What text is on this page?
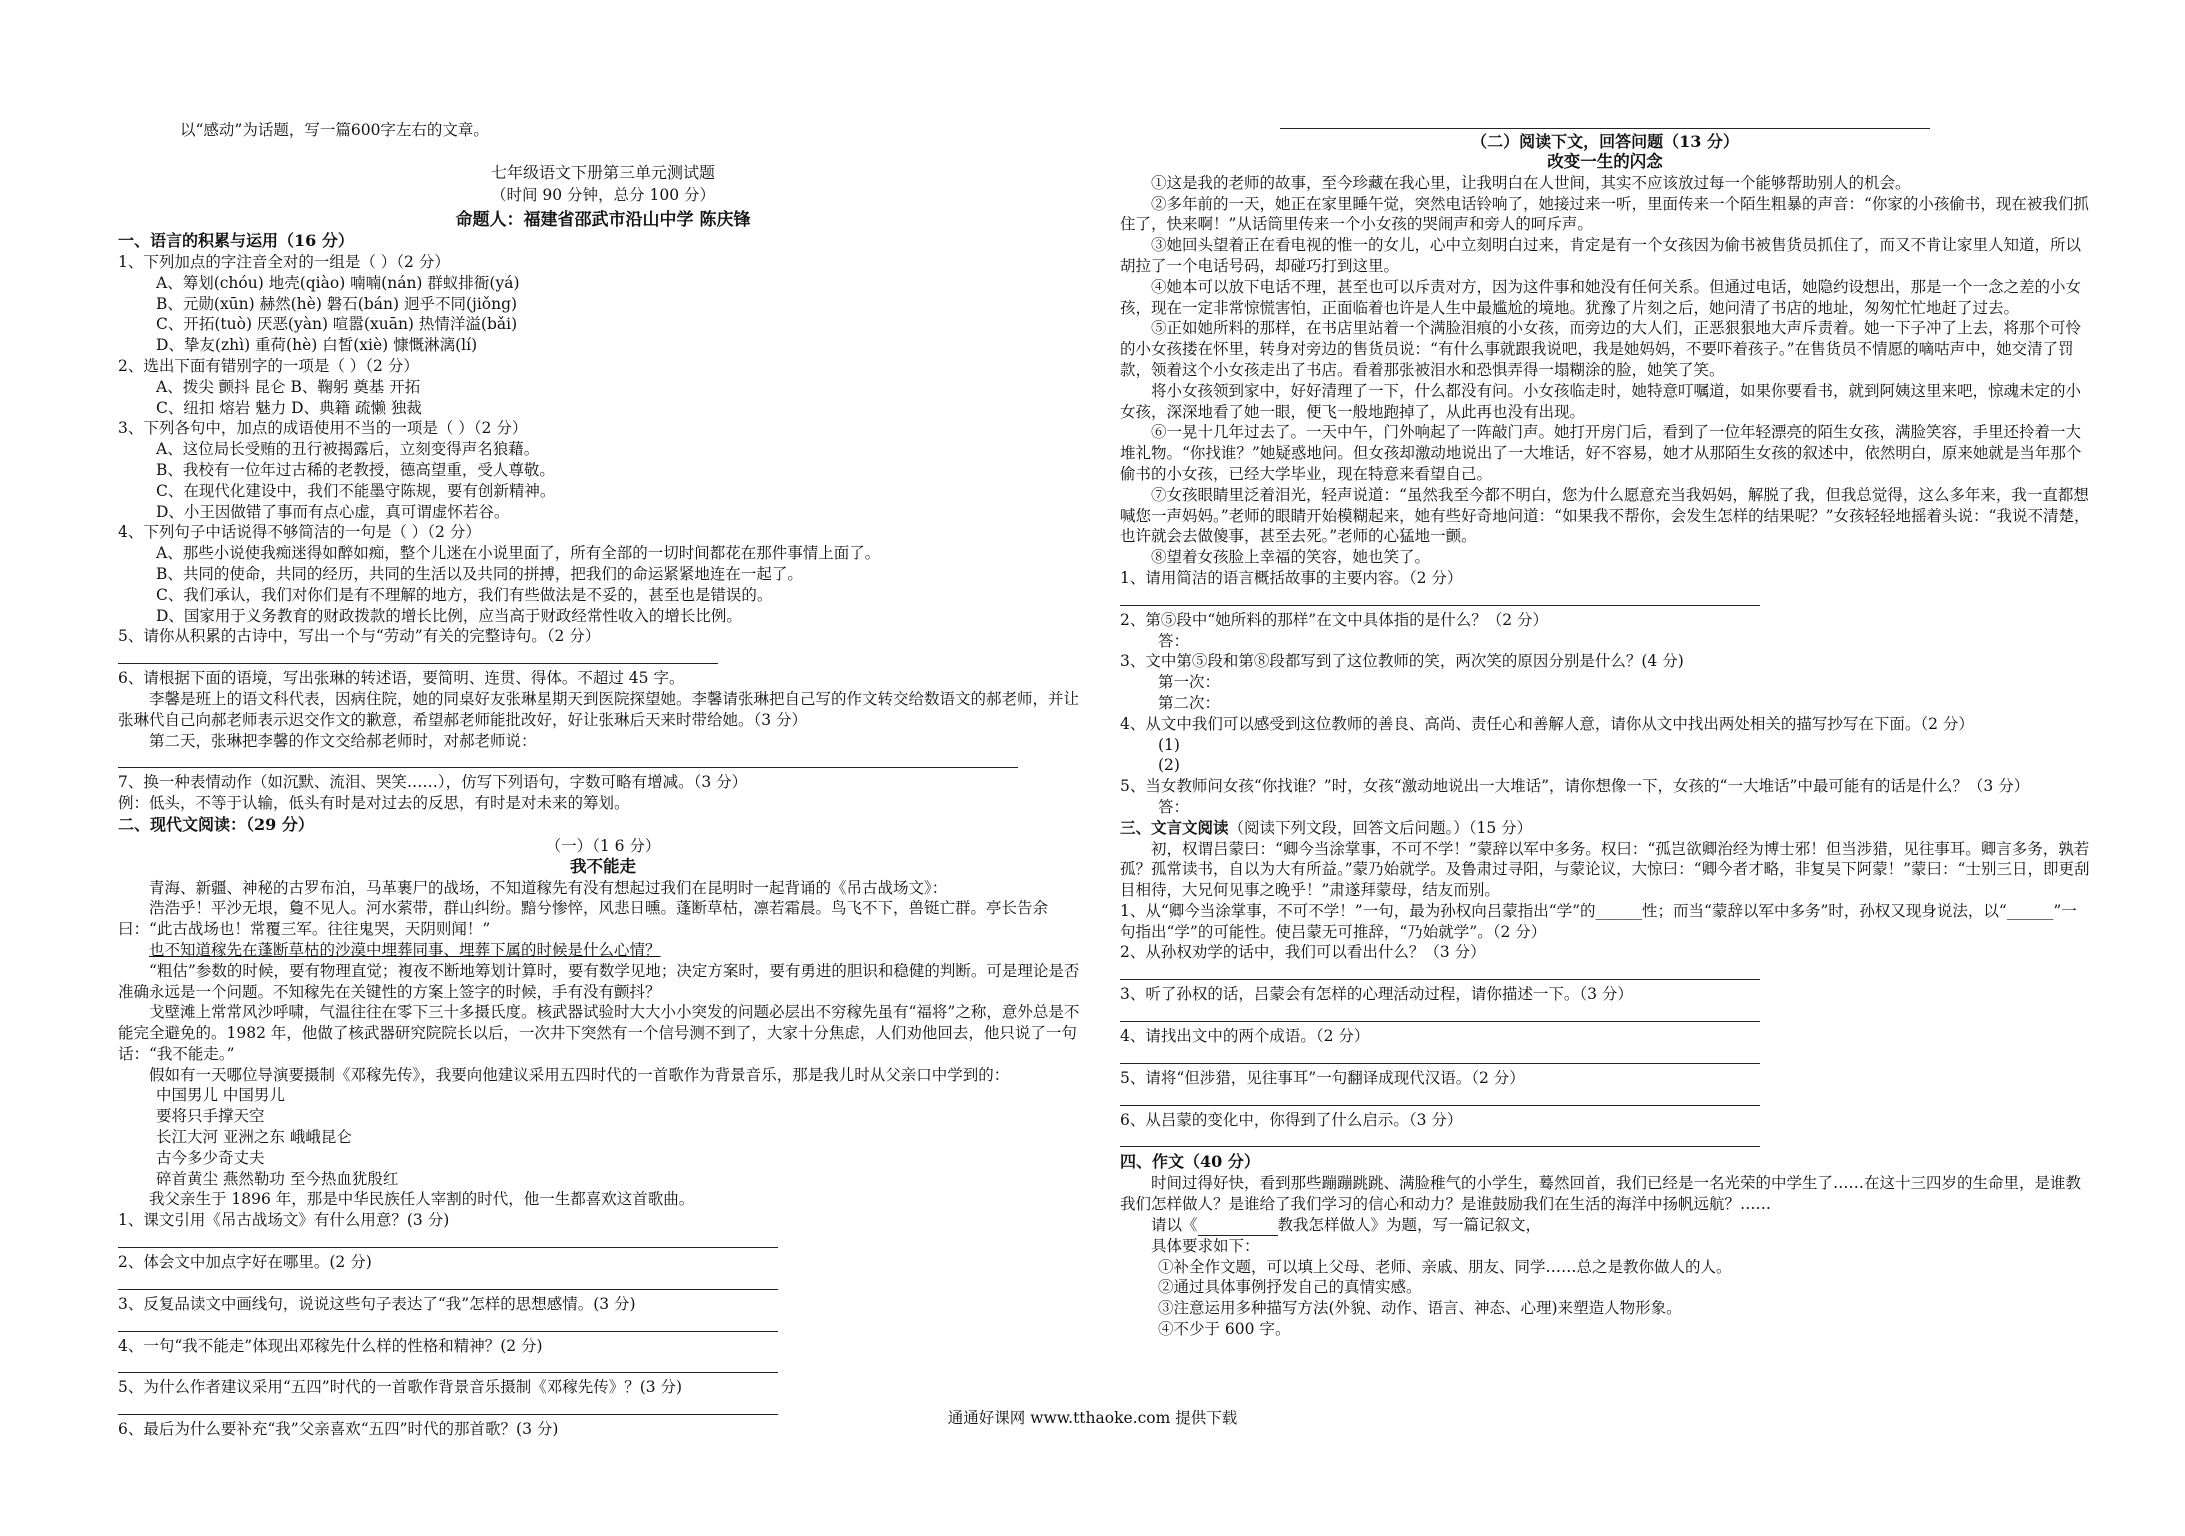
以“感动”为话题，写一篇600字左右的文章。
七年级语文下册第三单元测试题
（时间 90 分钟，总分 100 分）
命题人：福建省邵武市沿山中学 陈庆锋
一、语言的积累与运用（16 分）
1、下列加点的字注音全对的一组是（ ）（2 分）
A、筹划(chóu) 地壳(qiào) 喃喃(nán) 群蚁排衙(yá)
B、元勋(xūn) 赫然(hè) 磐石(bán) 迥乎不同(jiǒng)
C、开拓(tuò) 厌恶(yàn) 喧嚣(xuān) 热情洋溢(bǎi)
D、挚友(zhì) 重荷(hè) 白皙(xiè) 慷慨淋漓(lí)
2、选出下面有错别字的一项是（ ）（2 分）
A、拨尖 颤抖 昆仑 B、鞠躬 奠基 开拓
C、纽扣 熔岩 魅力 D、典籍 疏懒 独裁
3、下列各句中，加点的成语使用不当的一项是（ ）（2 分）
A、这位局长受贿的丑行被揭露后，立刻变得声名狼藉。
B、我校有一位年过古稀的老教授，德高望重，受人尊敬。
C、在现代化建设中，我们不能墨守陈规，要有创新精神。
D、小王因做错了事而有点心虚，真可谓虚怀若谷。
4、下列句子中话说得不够简洁的一句是（ ）（2 分）
A、那些小说使我痴迷得如醉如痴，整个儿迷在小说里面了，所有全部的一切时间都花在那件事情上面了。
B、共同的使命，共同的经历，共同的生活以及共同的拼搏，把我们的命运紧紧地连在一起了。
C、我们承认，我们对你们是有不理解的地方，我们有些做法是不妥的，甚至也是错误的。
D、国家用于义务教育的财政拨款的增长比例，应当高于财政经常性收入的增长比例。
5、请你从积累的古诗中，写出一个与“劳动”有关的完整诗句。（2 分）
6、请根据下面的语境，写出张琳的转述语，要简明、连贯、得体。不超过 45 字。
李馨是班上的语文科代表，因病住院，她的同桌好友张琳星期天到医院探望她。李馨请张琳把自己写的作文转交给数语文的郝老师，并让张琳代自己向郝老师表示迟交作文的歉意，希望郝老师能批改好，好让张琳后天来时带给她。（3 分）
第二天，张琳把李馨的作文交给郝老师时，对郝老师说：
7、换一种表情动作（如沉默、流泪、哭笑……），仿写下列语句，字数可略有增减。（3 分）
例：低头，不等于认输，低头有时是对过去的反思，有时是对未来的筹划。
二、现代文阅读：（29 分）
（一）（1 6 分）
我不能走
青海、新疆、神秘的古罗布泊，马革裹尸的战场，不知道稼先有没有想起过我们在昆明时一起背诵的《吊古战场文》：
浩浩乎！平沙无垠，敻不见人。河水萦带，群山纠纷。黯兮惨悴，风悲日曛。蓬断草枯，凛若霜晨。鸟飞不下，兽铤亡群。亭长告余曰：“此古战场也！常覆三军。往往鬼哭，天阴则闻！”
也不知道稼先在蓬断草枯的沙漠中埋葬同事、埋葬下属的时候是什么心情？
“粗估”参数的时候，要有物理直觉；複夜不断地筹划计算时，要有数学见地；决定方案时，要有勇进的胆识和稳健的判断。可是理论是否准确永远是一个问题。不知稼先在关键性的方案上签字的时候，手有没有颤抖？
戈壁滩上常常风沙呼啸，气温往往在零下三十多摄氏度。核武器试验时大大小小突发的问题必层出不穷稼先虽有“福将”之称，意外总是不能完全避免的。1982 年，他做了核武器研究院院长以后，一次井下突然有一个信号测不到了，大家十分焦虑，人们劝他回去，他只说了一句话：“我不能走。”
假如有一天哪位导演要摄制《邓稼先传》，我要向他建议采用五四时代的一首歌作为背景音乐，那是我儿时从父亲口中学到的：
中国男儿 中国男儿
要将只手撑天空
长江大河 亚洲之东 峨峨昆仑
古今多少奇丈夫
碎首黄尘 燕然勒功 至今热血犹殷红
我父亲生于 1896 年，那是中华民族任人宰割的时代，他一生都喜欢这首歌曲。
1、课文引用《吊古战场文》有什么用意？(3 分)
2、体会文中加点字好在哪里。(2 分)
3、反复品读文中画线句，说说这些句子表达了“我”怎样的思想感情。(3 分)
4、一句“我不能走”体现出邓稼先什么样的性格和精神？(2 分)
5、为什么作者建议采用“五四”时代的一首歌作背景音乐摄制《邓稼先传》？(3 分)
6、最后为什么要补充“我”父亲喜欢“五四”时代的那首歌？(3 分)
（二）阅读下文，回答问题（13 分）
改变一生的闪念
①这是我的老师的故事，至今珍藏在我心里，让我明白在人世间，其实不应该放过每一个能够帮助别人的机会。
②多年前的一天，她正在家里睡午觉，突然电话铃响了，她接过来一听，里面传来一个陌生粗暴的声音：“你家的小孩偷书，现在被我们抓住了，快来啊！”从话筒里传来一个小女孩的哭闹声和旁人的呵斥声。
③她回头望着正在看电视的惟一的女儿，心中立刻明白过来，肯定是有一个女孩因为偷书被售货员抓住了，而又不肯让家里人知道，所以胡拉了一个电话号码，却碰巧打到这里。
④她本可以放下电话不理，甚至也可以斥责对方，因为这件事和她没有任何关系。但通过电话，她隐约设想出，那是一个一念之差的小女孩，现在一定非常惊慌害怕，正面临着也许是人生中最尴尬的境地。犹豫了片刻之后，她问清了书店的地址，匆匆忙忙地赶了过去。
⑤正如她所料的那样，在书店里站着一个满脸泪痕的小女孩，而旁边的大人们，正恶狠狠地大声斥责着。她一下子冲了上去，将那个可怜的小女孩搂在怀里，转身对旁边的售货员说：“有什么事就跟我说吧，我是她妈妈，不要吓着孩子。”在售货员不情愿的嘀咕声中，她交清了罚款，领着这个小女孩走出了书店。看着那张被泪水和恐惧弄得一塌糊涂的脸，她笑了笑。
将小女孩领到家中，好好清理了一下，什么都没有问。小女孩临走时，她特意叮嘱道，如果你要看书，就到阿姨这里来吧，惊魂未定的小女孩，深深地看了她一眼，便飞一般地跑掉了，从此再也没有出现。
⑥一晃十几年过去了。一天中午，门外响起了一阵敲门声。她打开房门后，看到了一位年轻漂亮的陌生女孩，满脸笑容，手里还拎着一大堆礼物。“你找谁？”她疑惑地问。但女孩却激动地说出了一大堆话，好不容易，她才从那陌生女孩的叙述中，依然明白，原来她就是当年那个偷书的小女孩，已经大学毕业，现在特意来看望自己。
⑦女孩眼睛里泛着泪光，轻声说道：“虽然我至今都不明白，您为什么愿意充当我妈妈，解脱了我，但我总觉得，这么多年来，我一直都想喊您一声妈妈。”老师的眼睛开始模糊起来，她有些好奇地问道：“如果我不帮你，会发生怎样的结果呢？”女孩轻轻地摇着头说：“我说不清楚，也许就会去做傻事，甚至去死。”老师的心猛地一颤。
⑧望着女孩脸上幸福的笑容，她也笑了。
1、请用简洁的语言概括故事的主要内容。（2 分）
2、第⑤段中“她所料的那样”在文中具体指的是什么？（2 分）
答：
3、文中第⑤段和第⑧段都写到了这位教师的笑，两次笑的原因分别是什么？(4 分)
第一次：
第二次：
4、从文中我们可以感受到这位教师的善良、高尚、责任心和善解人意，请你从文中找出两处相关的描写抄写在下面。（2 分）
(1)
(2)
5、当女教师问女孩“你找谁？”时，女孩“激动地说出一大堆话”，请你想像一下，女孩的“一大堆话”中最可能有的话是什么？（3 分）
答：
三、文言文阅读（阅读下列文段，回答文后问题。）（15 分）
初，权谓吕蒙曰：“卿今当涂掌事，不可不学！”蒙辞以军中多务。权曰：“孤岂欲卿治经为博士邪！但当涉猎，见往事耳。卿言多务，孰若孤？孤常读书，自以为大有所益。”蒙乃始就学。及鲁肃过寻阳，与蒙论议，大惊曰：“卿今者才略，非复吴下阿蒙！”蒙曰：“士别三日，即更刮目相待，大兄何见事之晚乎！”肃遂拜蒙母，结友而别。
1、从“卿今当涂掌事，不可不学！”一句，最为孙权向吕蒙指出“学”的______性；而当“蒙辞以军中多务”时，孙权又现身说法，以“______”一句指出“学”的可能性。使吕蒙无可推辞，“乃始就学”。（2 分）
2、从孙权劝学的话中，我们可以看出什么？（3 分）
3、听了孙权的话，吕蒙会有怎样的心理活动过程，请你描述一下。（3 分）
4、请找出文中的两个成语。（2 分）
5、请将“但涉猎，见往事耳”一句翻译成现代汉语。（2 分）
6、从吕蒙的变化中，你得到了什么启示。（3 分）
四、作文（40 分）
时间过得好快，看到那些蹦蹦跳跳、满脸稚气的小学生，蓦然回首，我们已经是一名光荣的中学生了……在这十三四岁的生命里，是谁教我们怎样做人？是谁给了我们学习的信心和动力？是谁鼓励我们在生活的海洋中扬帆远航？……
请以《	教我怎样做人》为题，写一篇记叙文，
具体要求如下：
①补全作文题，可以填上父母、老师、亲戚、朋友、同学……总之是教你做人的人。
②通过具体事例抒发自己的真情实感。
③注意运用多种描写方法(外貌、动作、语言、神态、心理)来塑造人物形象。
④不少于 600 字。
通通好课网 www.tthaoke.com 提供下载
